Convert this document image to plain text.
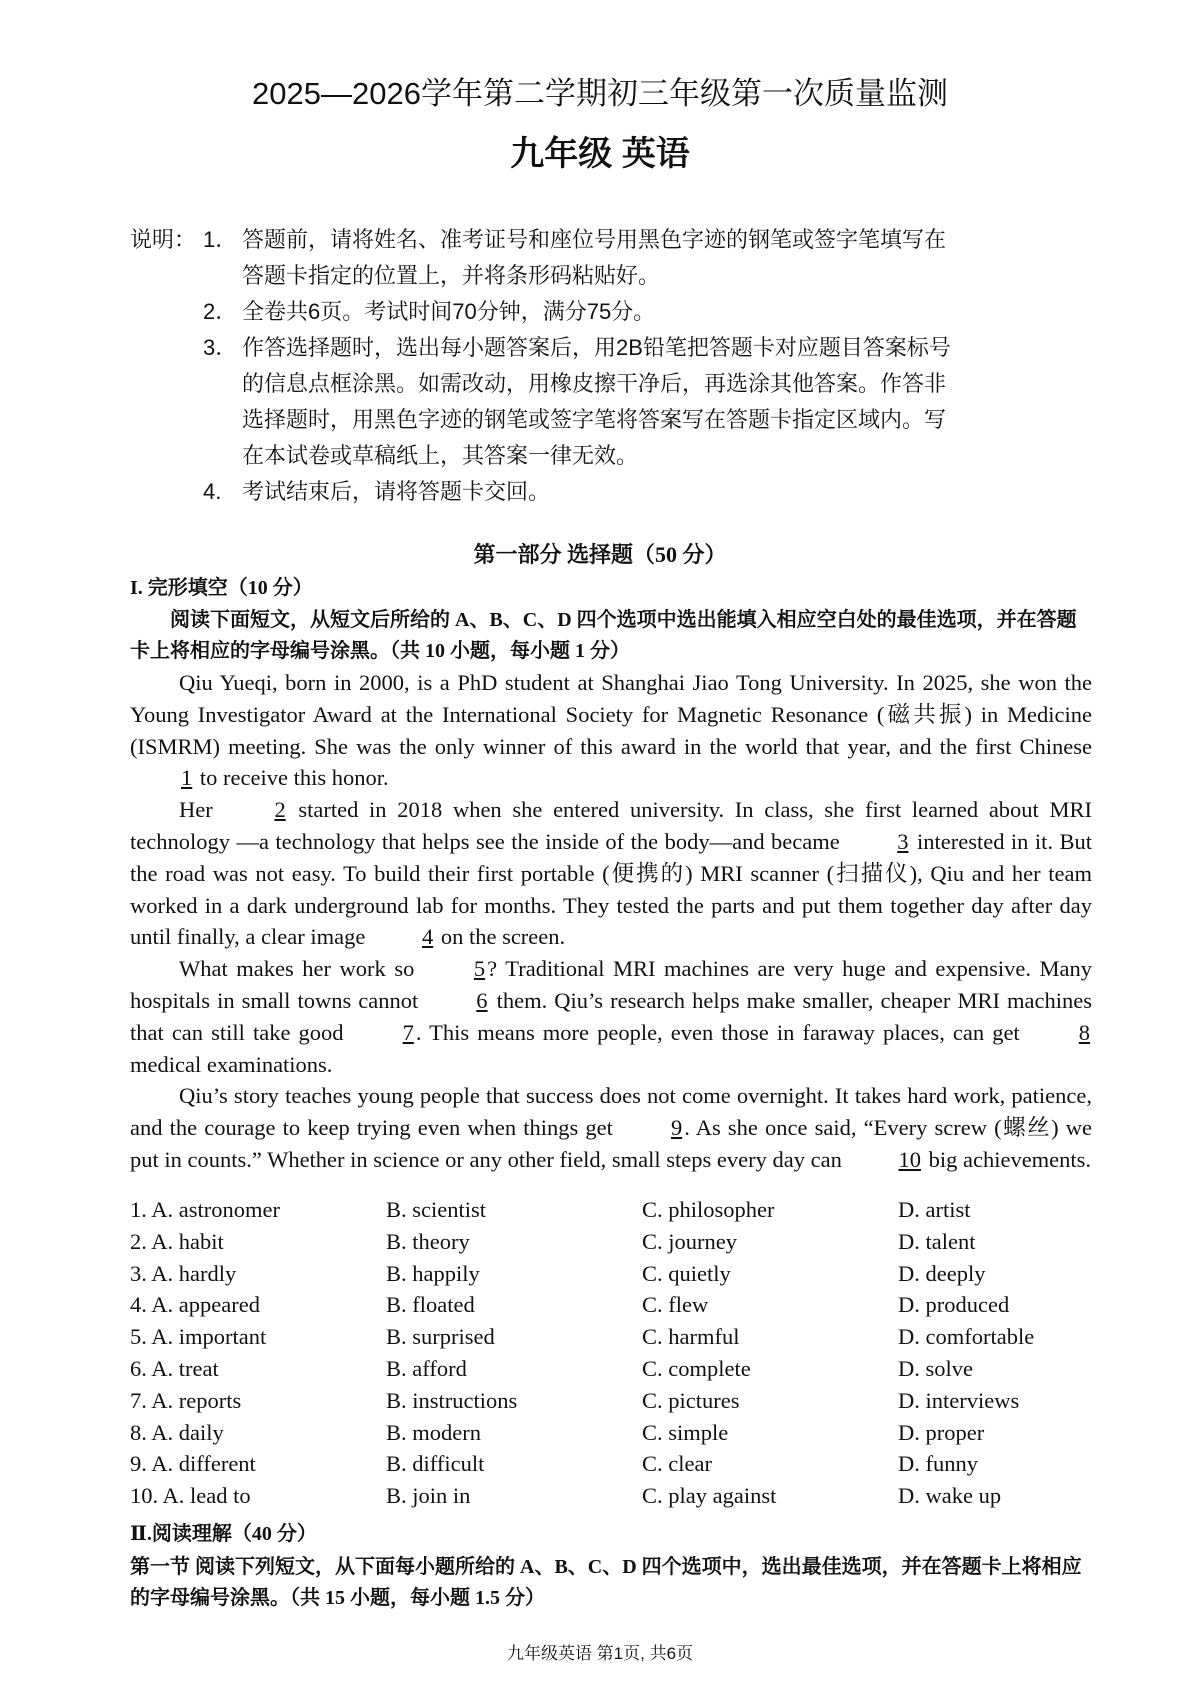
2025—2026学年第二学期初三年级第一次质量监测
九年级 英语
说明： 1． 答题前，请将姓名、准考证号和座位号用黑色字迹的钢笔或签字笔填写在
答题卡指定的位置上，并将条形码粘贴好。
2． 全卷共6页。考试时间70分钟，满分75分。
3． 作答选择题时，选出每小题答案后，用2B铅笔把答题卡对应题目答案标号
的信息点框涂黑。如需改动，用橡皮擦干净后，再选涂其他答案。作答非
选择题时，用黑色字迹的钢笔或签字笔将答案写在答题卡指定区域内。写
在本试卷或草稿纸上，其答案一律无效。
4. 考试结束后，请将答题卡交回。
第一部分 选择题（50 分）
I. 完形填空（10 分）
阅读下面短文，从短文后所给的 A、B、C、D 四个选项中选出能填入相应空白处的最佳选项，并在答题卡上将相应的字母编号涂黑。（共 10 小题，每小题 1 分）

Qiu Yueqi, born in 2000, is a PhD student at Shanghai Jiao Tong University. In 2025, she won the Young Investigator Award at the International Society for Magnetic Resonance (磁共振) in Medicine (ISMRM) meeting. She was the only winner of this award in the world that year, and the first Chinese 1 to receive this honor.

Her	2 started in 2018 when she entered university. In class, she first learned about MRI technology —a technology that helps see the inside of the body—and became	3 interested in it. But the road was not easy. To build their first portable (便携的) MRI scanner (扫描仪), Qiu and her team worked in a dark underground lab for months. They tested the parts and put them together day after day until finally, a clear image	4 on the screen.

What makes her work so	5? Traditional MRI machines are very huge and expensive. Many hospitals in small towns cannot	6 them. Qiu’s research helps make smaller, cheaper MRI machines that can still take good	7. This means more people, even those in faraway places, can get	8 medical examinations.

Qiu’s story teaches young people that success does not come overnight. It takes hard work, patience, and the courage to keep trying even when things get	9. As she once said, “Every screw (螺丝) we put in counts.” Whether in science or any other field, small steps every day can	10 big achievements.

1. A. astronomer	B. scientist	C. philosopher	D. artist
2. A. habit	B. theory	C. journey	D. talent
3. A. hardly	B. happily	C. quietly	D. deeply
4. A. appeared	B. floated	C. flew	D. produced
5. A. important	B. surprised	C. harmful	D. comfortable
6. A. treat	B. afford	C. complete	D. solve
7. A. reports	B. instructions	C. pictures	D. interviews
8. A. daily	B. modern	C. simple	D. proper
9. A. different	B. difficult	C. clear	D. funny
10. A. lead to	B. join in	C. play against	D. wake up
Ⅱ.阅读理解（40 分）
第一节 阅读下列短文，从下面每小题所给的 A、B、C、D 四个选项中，选出最佳选项，并在答题卡上将相应的字母编号涂黑。（共 15 小题，每小题 1.5 分）
九年级英语 第1页, 共6页
